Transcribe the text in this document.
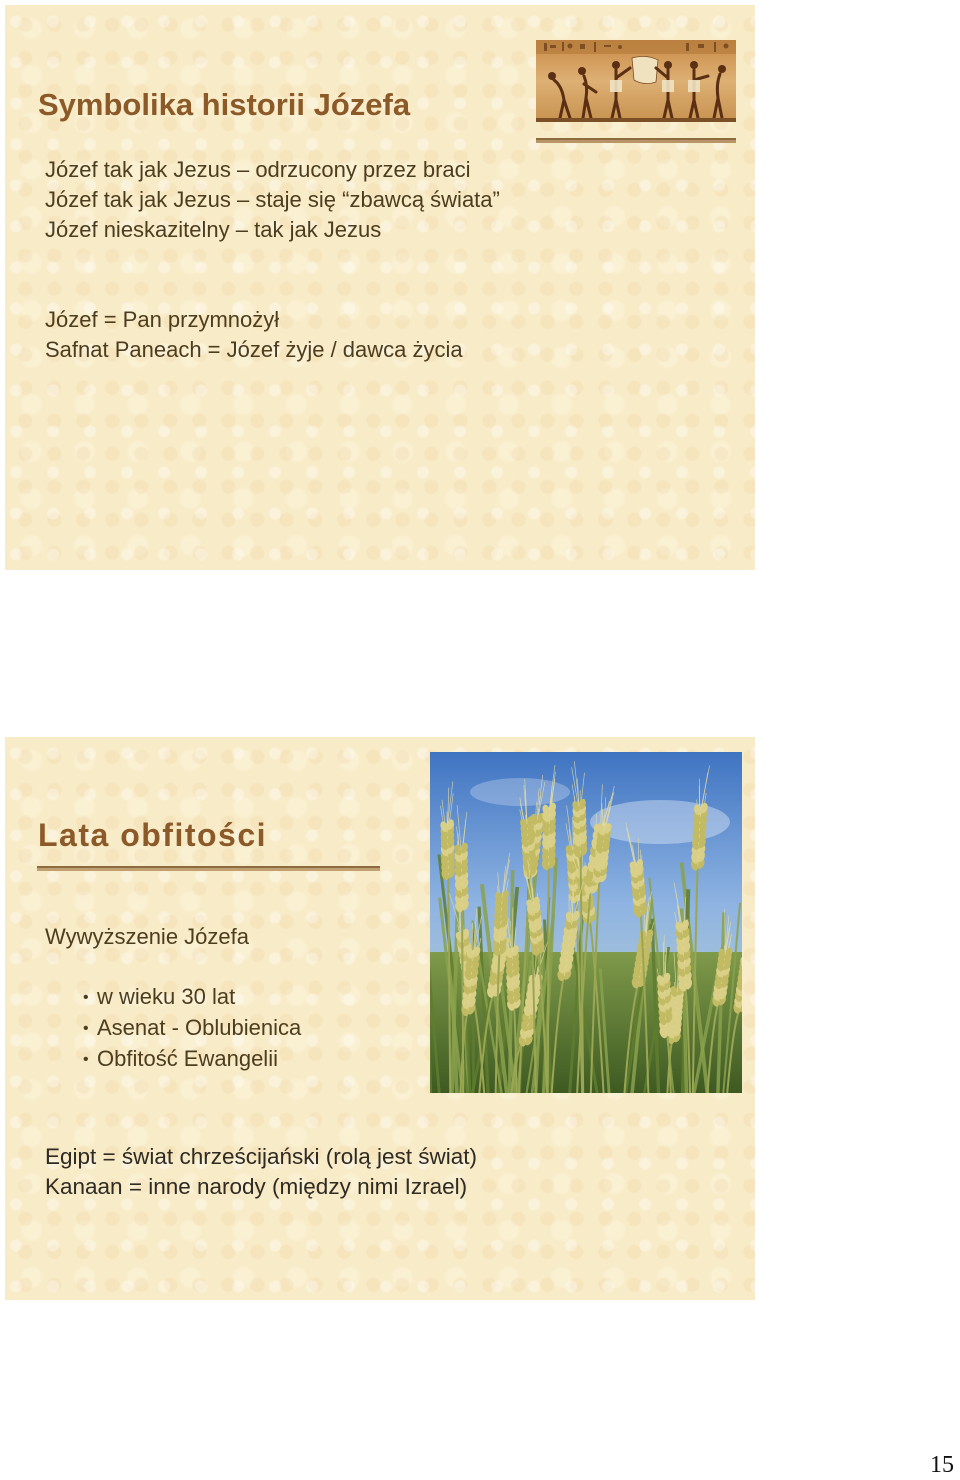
Symbolika historii Józefa
Józef tak jak Jezus – odrzucony przez braci
Józef tak jak Jezus – staje się “zbawcą świata”
Józef nieskazitelny – tak jak Jezus
Józef = Pan przymnożył
Safnat Paneach = Józef żyje / dawca życia
Lata obfitości
Wywyższenie Józefa
• w wieku 30 lat
• Asenat - Oblubienica
• Obfitość Ewangelii
Egipt = świat chrześcijański (rolą jest świat)
Kanaan = inne narody (między nimi Izrael)
15
